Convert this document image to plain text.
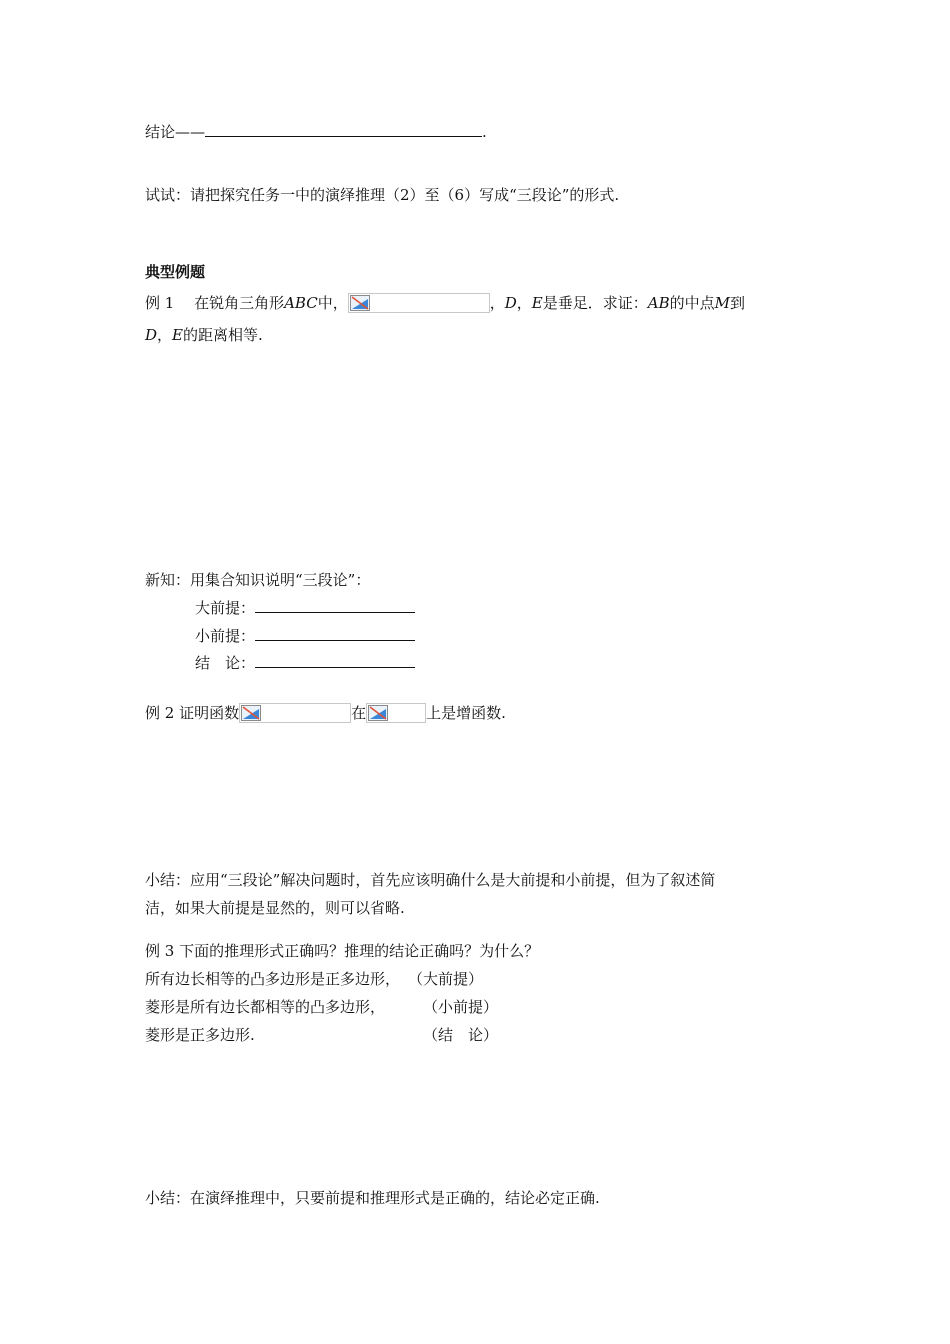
结论——	.
试试：请把探究任务一中的演绎推理（2）至（6）写成“三段论”的形式.
典型例题
例 1　 在锐角三角形ABC中，	，D，E是垂足．求证：AB的中点M到
D，E的距离相等.
新知：用集合知识说明“三段论”：
大前提：
小前提：
结　论：
例 2 证明函数	在	上是增函数.
小结：应用“三段论”解决问题时，首先应该明确什么是大前提和小前提，但为了叙述简
洁，如果大前提是显然的，则可以省略.
例 3 下面的推理形式正确吗？推理的结论正确吗？为什么？
所有边长相等的凸多边形是正多边形， （大前提）
菱形是所有边长都相等的凸多边形，	（小前提）
菱形是正多边形.	（结　论）
小结：在演绎推理中，只要前提和推理形式是正确的，结论必定正确.
